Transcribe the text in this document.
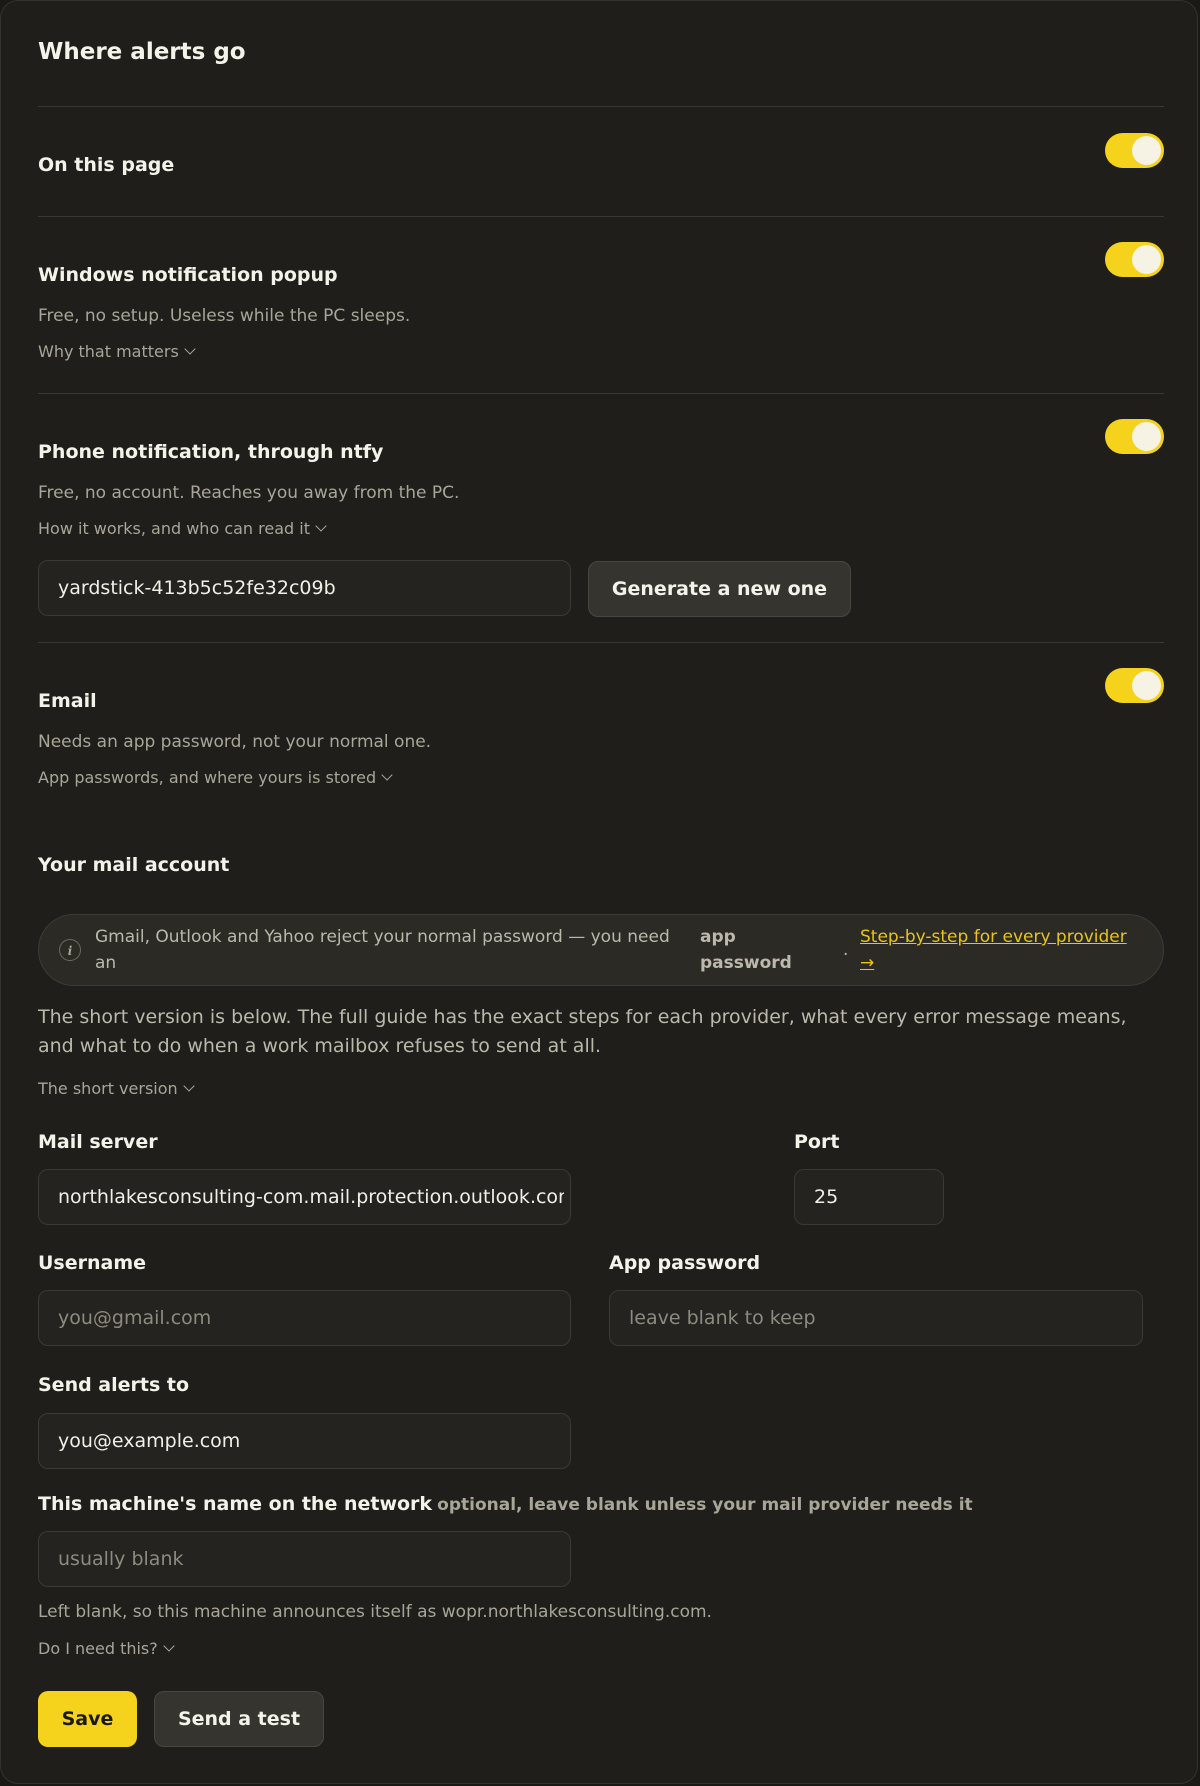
Where alerts go
On this page
Windows notification popup
Free, no setup. Useless while the PC sleeps.
Why that matters
Phone notification, through ntfy
Free, no account. Reaches you away from the PC.
How it works, and who can read it
yardstick-413b5c52fe32c09b
Generate a new one
Email
Needs an app password, not your normal one.
App passwords, and where yours is stored
Your mail account
i
Gmail, Outlook and Yahoo reject your normal password — you need
an
app
password
.
Step-by-step for every provider
→
The short version is below. The full guide has the exact steps for each provider, what every error message means, and what to do when a work mailbox refuses to send at all.
The short version
Mail server
northlakesconsulting-com.mail.protection.outlook.com	Port
25
Username
you@gmail.com	App password
Send alerts to
you@example.com
This machine's name on the network optional, leave blank unless your mail provider needs it
usually blank
Left blank, so this machine announces itself as wopr.northlakesconsulting.com.
Do I need this?
Save	Send a test
